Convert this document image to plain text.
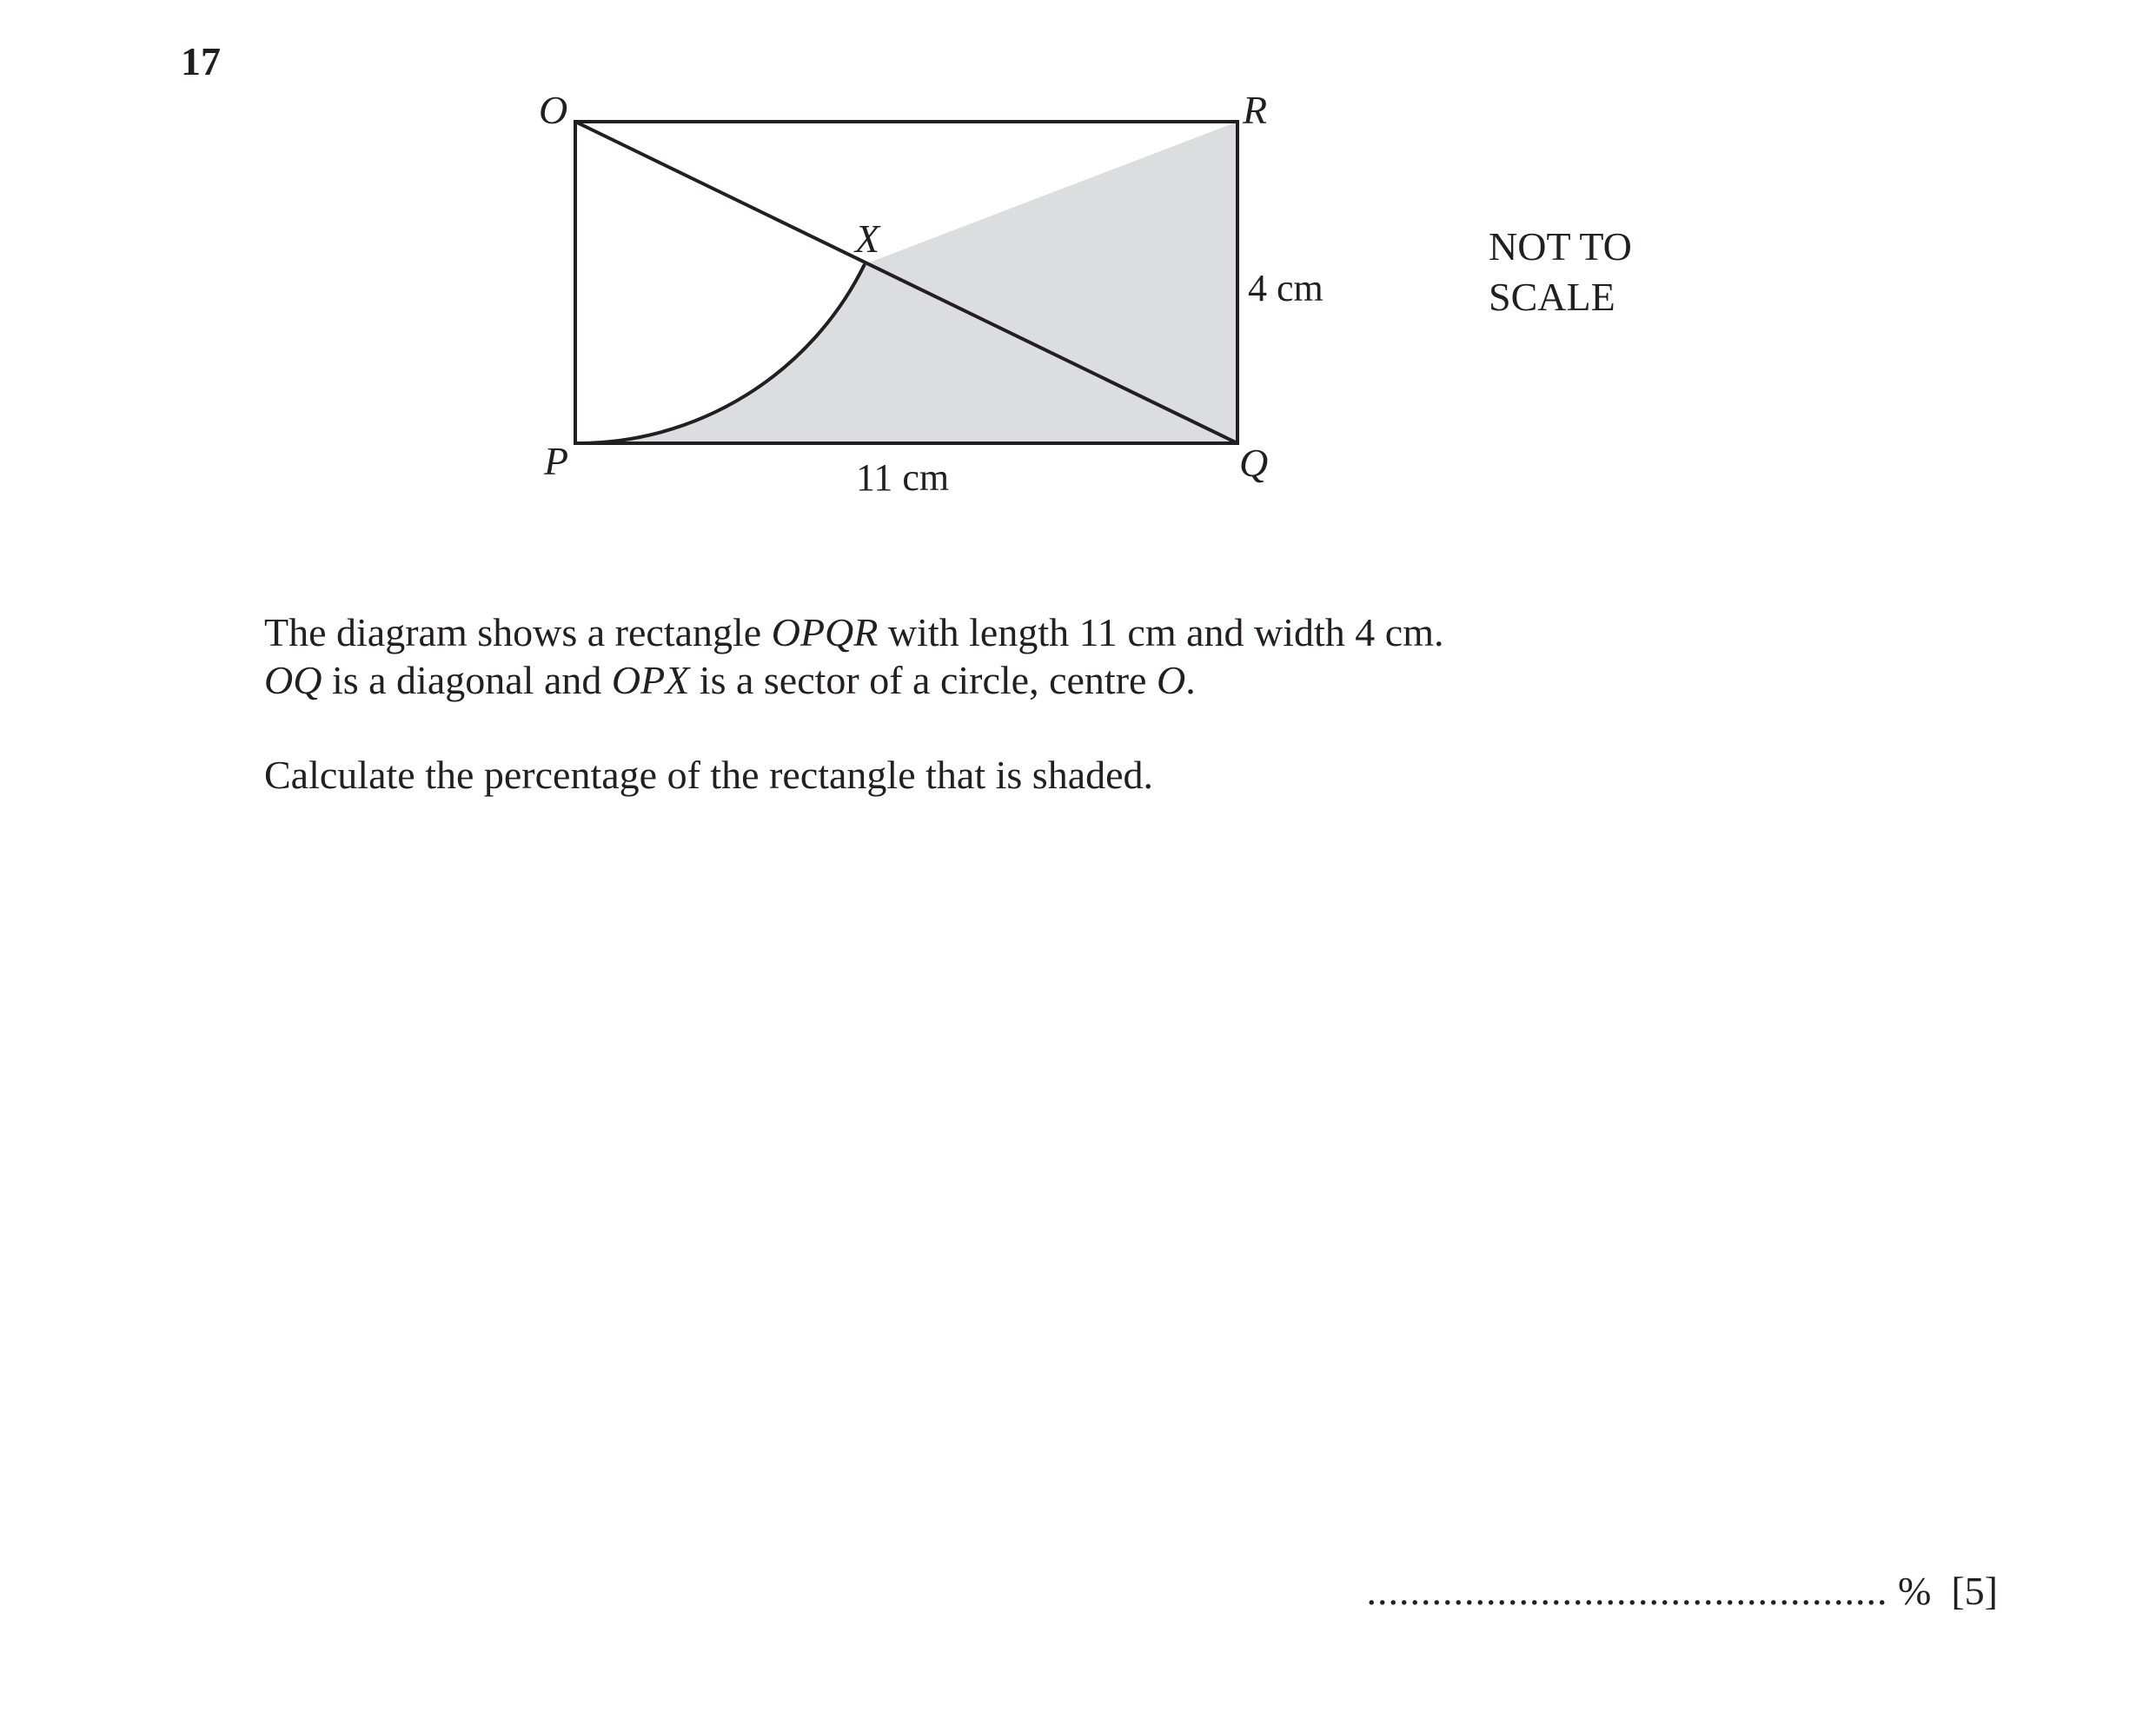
17
O	R
X
P	Q
4 cm
11 cm
NOT TO
SCALE

The diagram shows a rectangle OPQR with length 11 cm and width 4 cm.

OQ is a diagonal and OPX is a sector of a circle, centre O.

Calculate the percentage of the rectangle that is shaded.

................................................ % [5]
